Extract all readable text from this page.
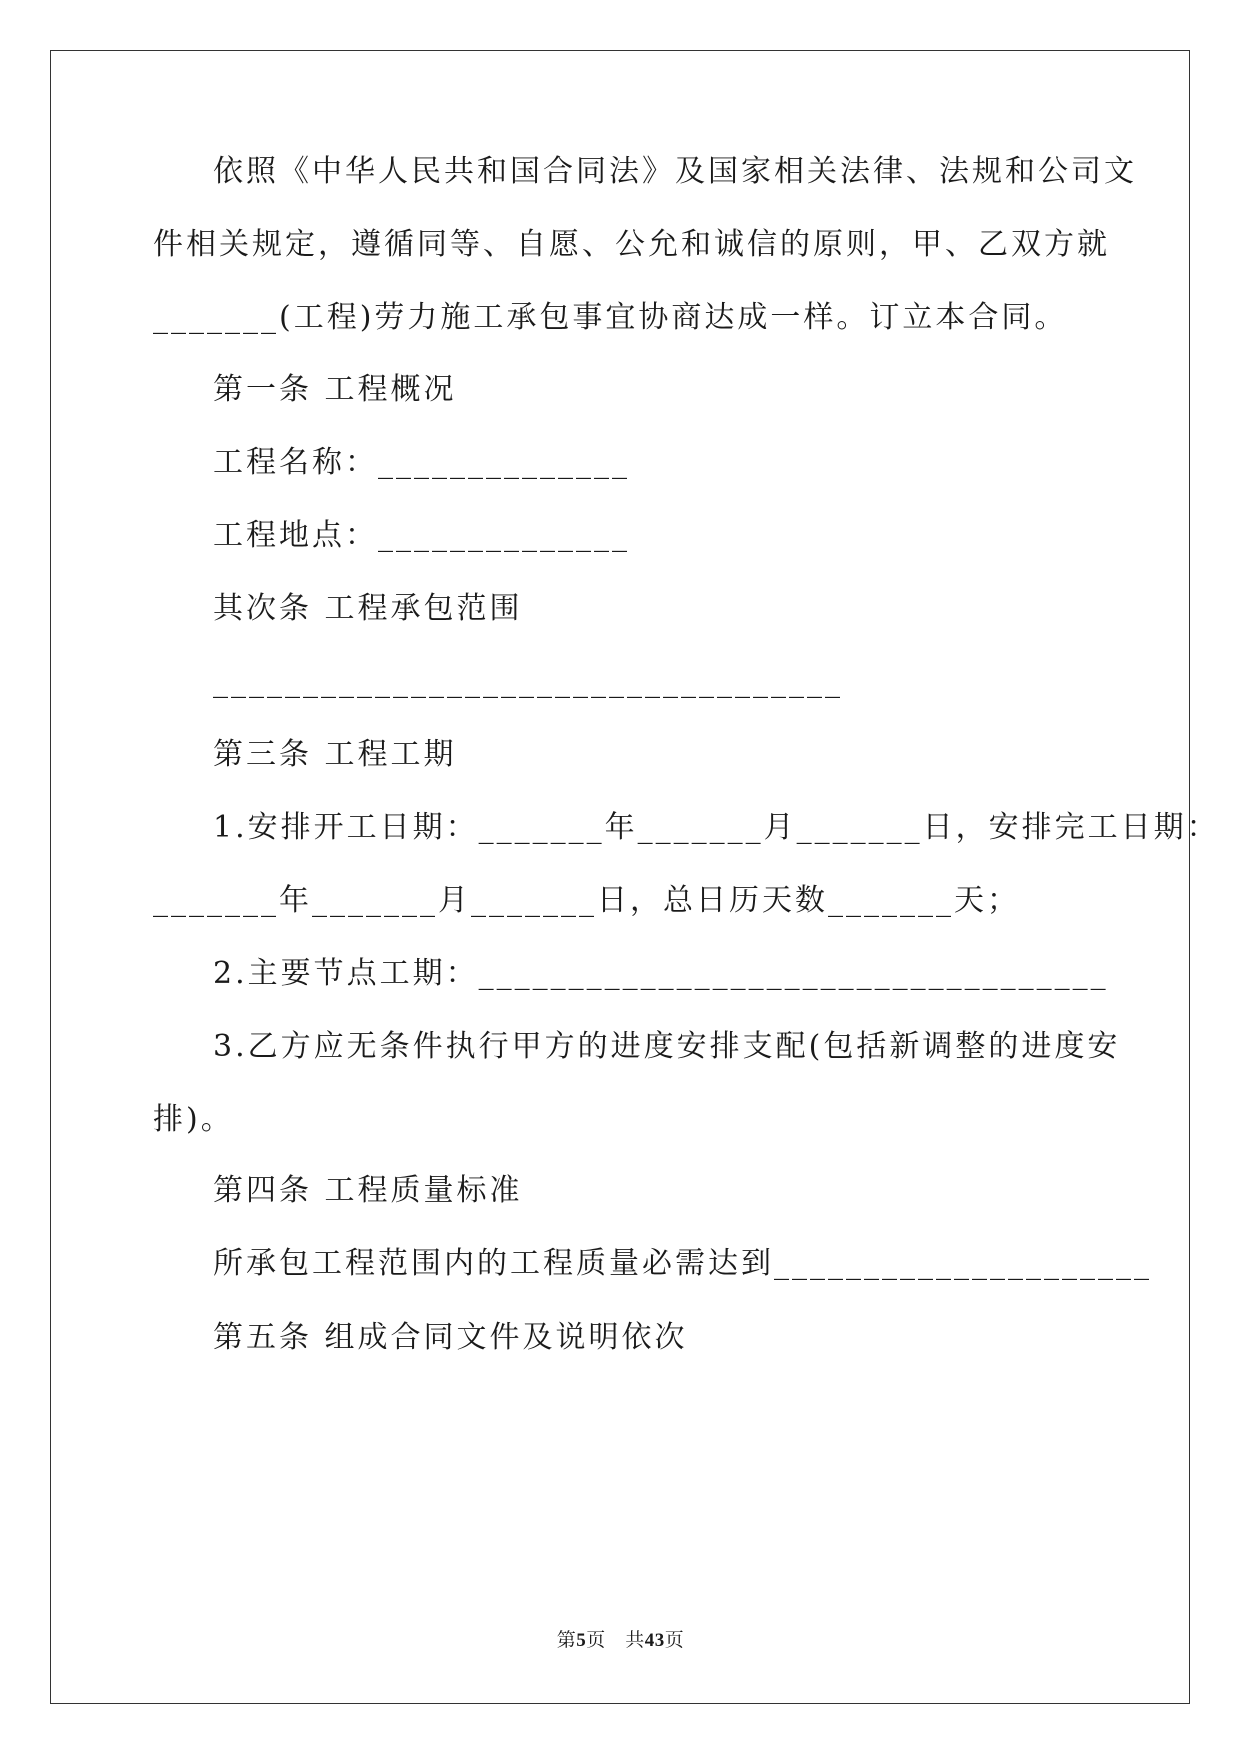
依照《中华人民共和国合同法》及国家相关法律、法规和公司文
件相关规定，遵循同等、自愿、公允和诚信的原则，甲、乙双方就
_______(工程)劳力施工承包事宜协商达成一样。订立本合同。
第一条 工程概况
工程名称：______________
工程地点：______________
其次条 工程承包范围
___________________________________
第三条 工程工期
1.安排开工日期：_______年_______月_______日，安排完工日期：
_______年_______月_______日，总日历天数_______天；
2.主要节点工期：___________________________________
3.乙方应无条件执行甲方的进度安排支配(包括新调整的进度安
排)。
第四条 工程质量标准
所承包工程范围内的工程质量必需达到_____________________
第五条 组成合同文件及说明依次
第5页　共43页
